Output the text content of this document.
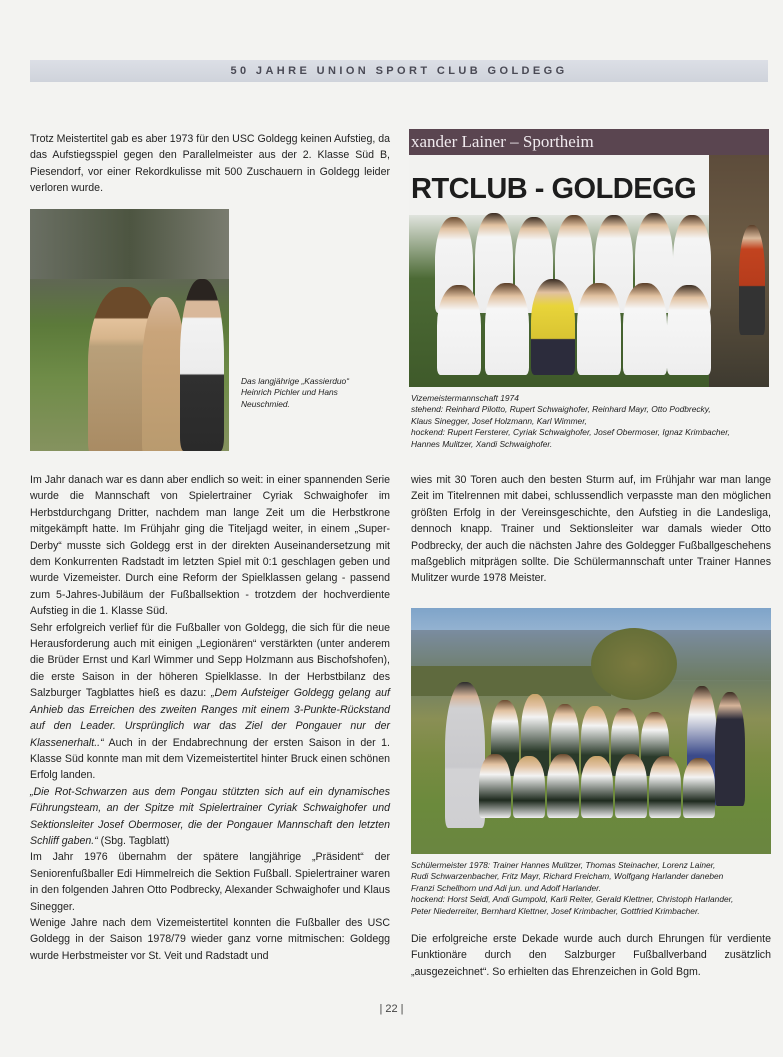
50 JAHRE UNION SPORT CLUB GOLDEGG

Trotz Meistertitel gab es aber 1973 für den USC Goldegg keinen Aufstieg, da das Aufstiegsspiel gegen den Parallelmeister aus der 2. Klasse Süd B, Piesendorf, vor einer Rekordkulisse mit 500 Zuschauern in Goldegg leider verloren wurde.

Das langjährige „Kassierduo“
Heinrich Pichler und Hans
Neuschmied.
xander Lainer – Sportheim
RTCLUB - GOLDEGG
Vizemeistermannschaft 1974
stehend: Reinhard Pilotto, Rupert Schwaighofer, Reinhard Mayr, Otto Podbrecky,
Klaus Sinegger, Josef Holzmann, Karl Wimmer,
hockend: Rupert Fersterer, Cyriak Schwaighofer, Josef Obermoser, Ignaz Krimbacher,
Hannes Mulitzer, Xandi Schwaighofer.

Im Jahr danach war es dann aber endlich so weit: in einer spannenden Serie wurde die Mannschaft von Spielertrainer Cyriak Schwaighofer im Herbstdurchgang Dritter, nachdem man lange Zeit um die Herbstkrone mitgekämpft hatte. Im Frühjahr ging die Titeljagd weiter, in einem „Super-Derby“ musste sich Goldegg erst in der direkten Auseinandersetzung mit dem Konkurrenten Radstadt im letzten Spiel mit 0:1 geschlagen geben und wurde Vizemeister. Durch eine Reform der Spielklassen gelang - passend zum 5-Jahres-Jubiläum der Fußballsektion - trotzdem der hochverdiente Aufstieg in die 1. Klasse Süd.

Sehr erfolgreich verlief für die Fußballer von Goldegg, die sich für die neue Herausforderung auch mit einigen „Legionären“ verstärkten (unter anderem die Brüder Ernst und Karl Wimmer und Sepp Holzmann aus Bischofshofen), die erste Saison in der höheren Spielklasse. In der Herbstbilanz des Salzburger Tagblattes hieß es dazu: „Dem Aufsteiger Goldegg gelang auf Anhieb das Erreichen des zweiten Ranges mit einem 3-Punkte-Rückstand auf den Leader. Ursprünglich war das Ziel der Pongauer nur der Klassenerhalt..“ Auch in der Endabrechnung der ersten Saison in der 1. Klasse Süd konnte man mit dem Vizemeistertitel hinter Bruck einen schönen Erfolg landen.

„Die Rot-Schwarzen aus dem Pongau stützten sich auf ein dynamisches Führungsteam, an der Spitze mit Spielertrainer Cyriak Schwaighofer und Sektionsleiter Josef Obermoser, die der Pongauer Mannschaft den letzten Schliff gaben.“ (Sbg. Tagblatt)

Im Jahr 1976 übernahm der spätere langjährige „Präsident“ der Seniorenfußballer Edi Himmelreich die Sektion Fußball. Spielertrainer waren in den folgenden Jahren Otto Podbrecky, Alexander Schwaighofer und Klaus Sinegger.

Wenige Jahre nach dem Vizemeistertitel konnten die Fußballer des USC Goldegg in der Saison 1978/79 wieder ganz vorne mitmischen: Goldegg wurde Herbstmeister vor St. Veit und Radstadt und

wies mit 30 Toren auch den besten Sturm auf, im Frühjahr war man lange Zeit im Titelrennen mit dabei, schlussendlich verpasste man den möglichen größten Erfolg in der Vereinsgeschichte, den Aufstieg in die Landesliga, dennoch knapp. Trainer und Sektionsleiter war damals wieder Otto Podbrecky, der auch die nächsten Jahre des Goldegger Fußballgeschehens maßgeblich mitprägen sollte. Die Schülermannschaft unter Trainer Hannes Mulitzer wurde 1978 Meister.

Schülermeister 1978: Trainer Hannes Mulitzer, Thomas Steinacher, Lorenz Lainer,
Rudi Schwarzenbacher, Fritz Mayr, Richard Freicham, Wolfgang Harlander daneben
Franzi Schellhorn und Adi jun. und Adolf Harlander.
hockend: Horst Seidl, Andi Gumpold, Karli Reiter, Gerald Klettner, Christoph Harlander,
Peter Niederreiter, Bernhard Klettner, Josef Krimbacher, Gottfried Krimbacher.

Die erfolgreiche erste Dekade wurde auch durch Ehrungen für verdiente Funktionäre durch den Salzburger Fußballverband zusätzlich „ausgezeichnet“. So erhielten das Ehrenzeichen in Gold Bgm.

| 22 |
